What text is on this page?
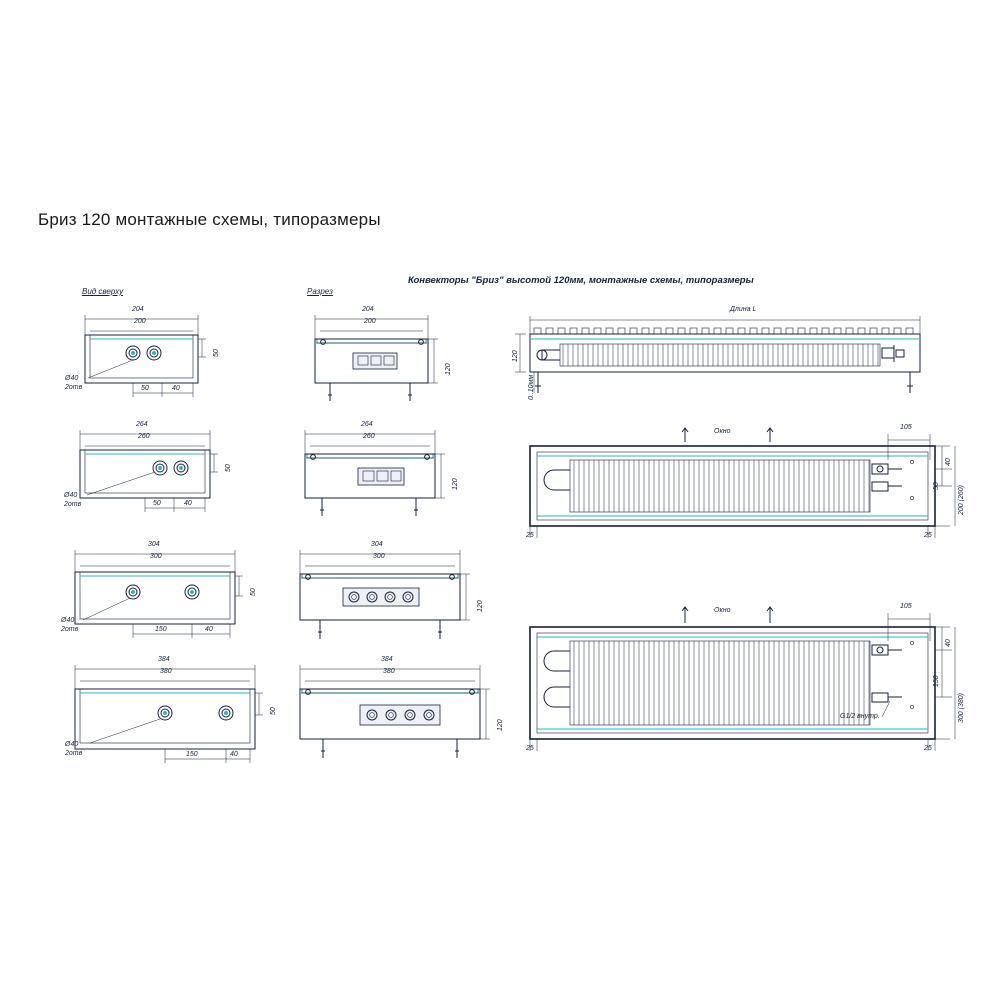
Бриз 120 монтажные схемы, типоразмеры
Конвекторы "Бриз" высотой 120мм, монтажные схемы, типоразмеры
Вид сверху	Разрез
204
200
50
Ø40
2отв	50	40
264
260
50
Ø40
2отв	50	40
304
300
50
Ø40
2отв	150	40
384
380
50
Ø40
2отв	150	40
204
200
120
264
260
120
304
300
120
384
380
120
Длина L
120
0..10мм
Окно
105
40
50	200 (260)
25	25
Окно
105
40
150
300 (380)
G1/2 внутр.
25	25
